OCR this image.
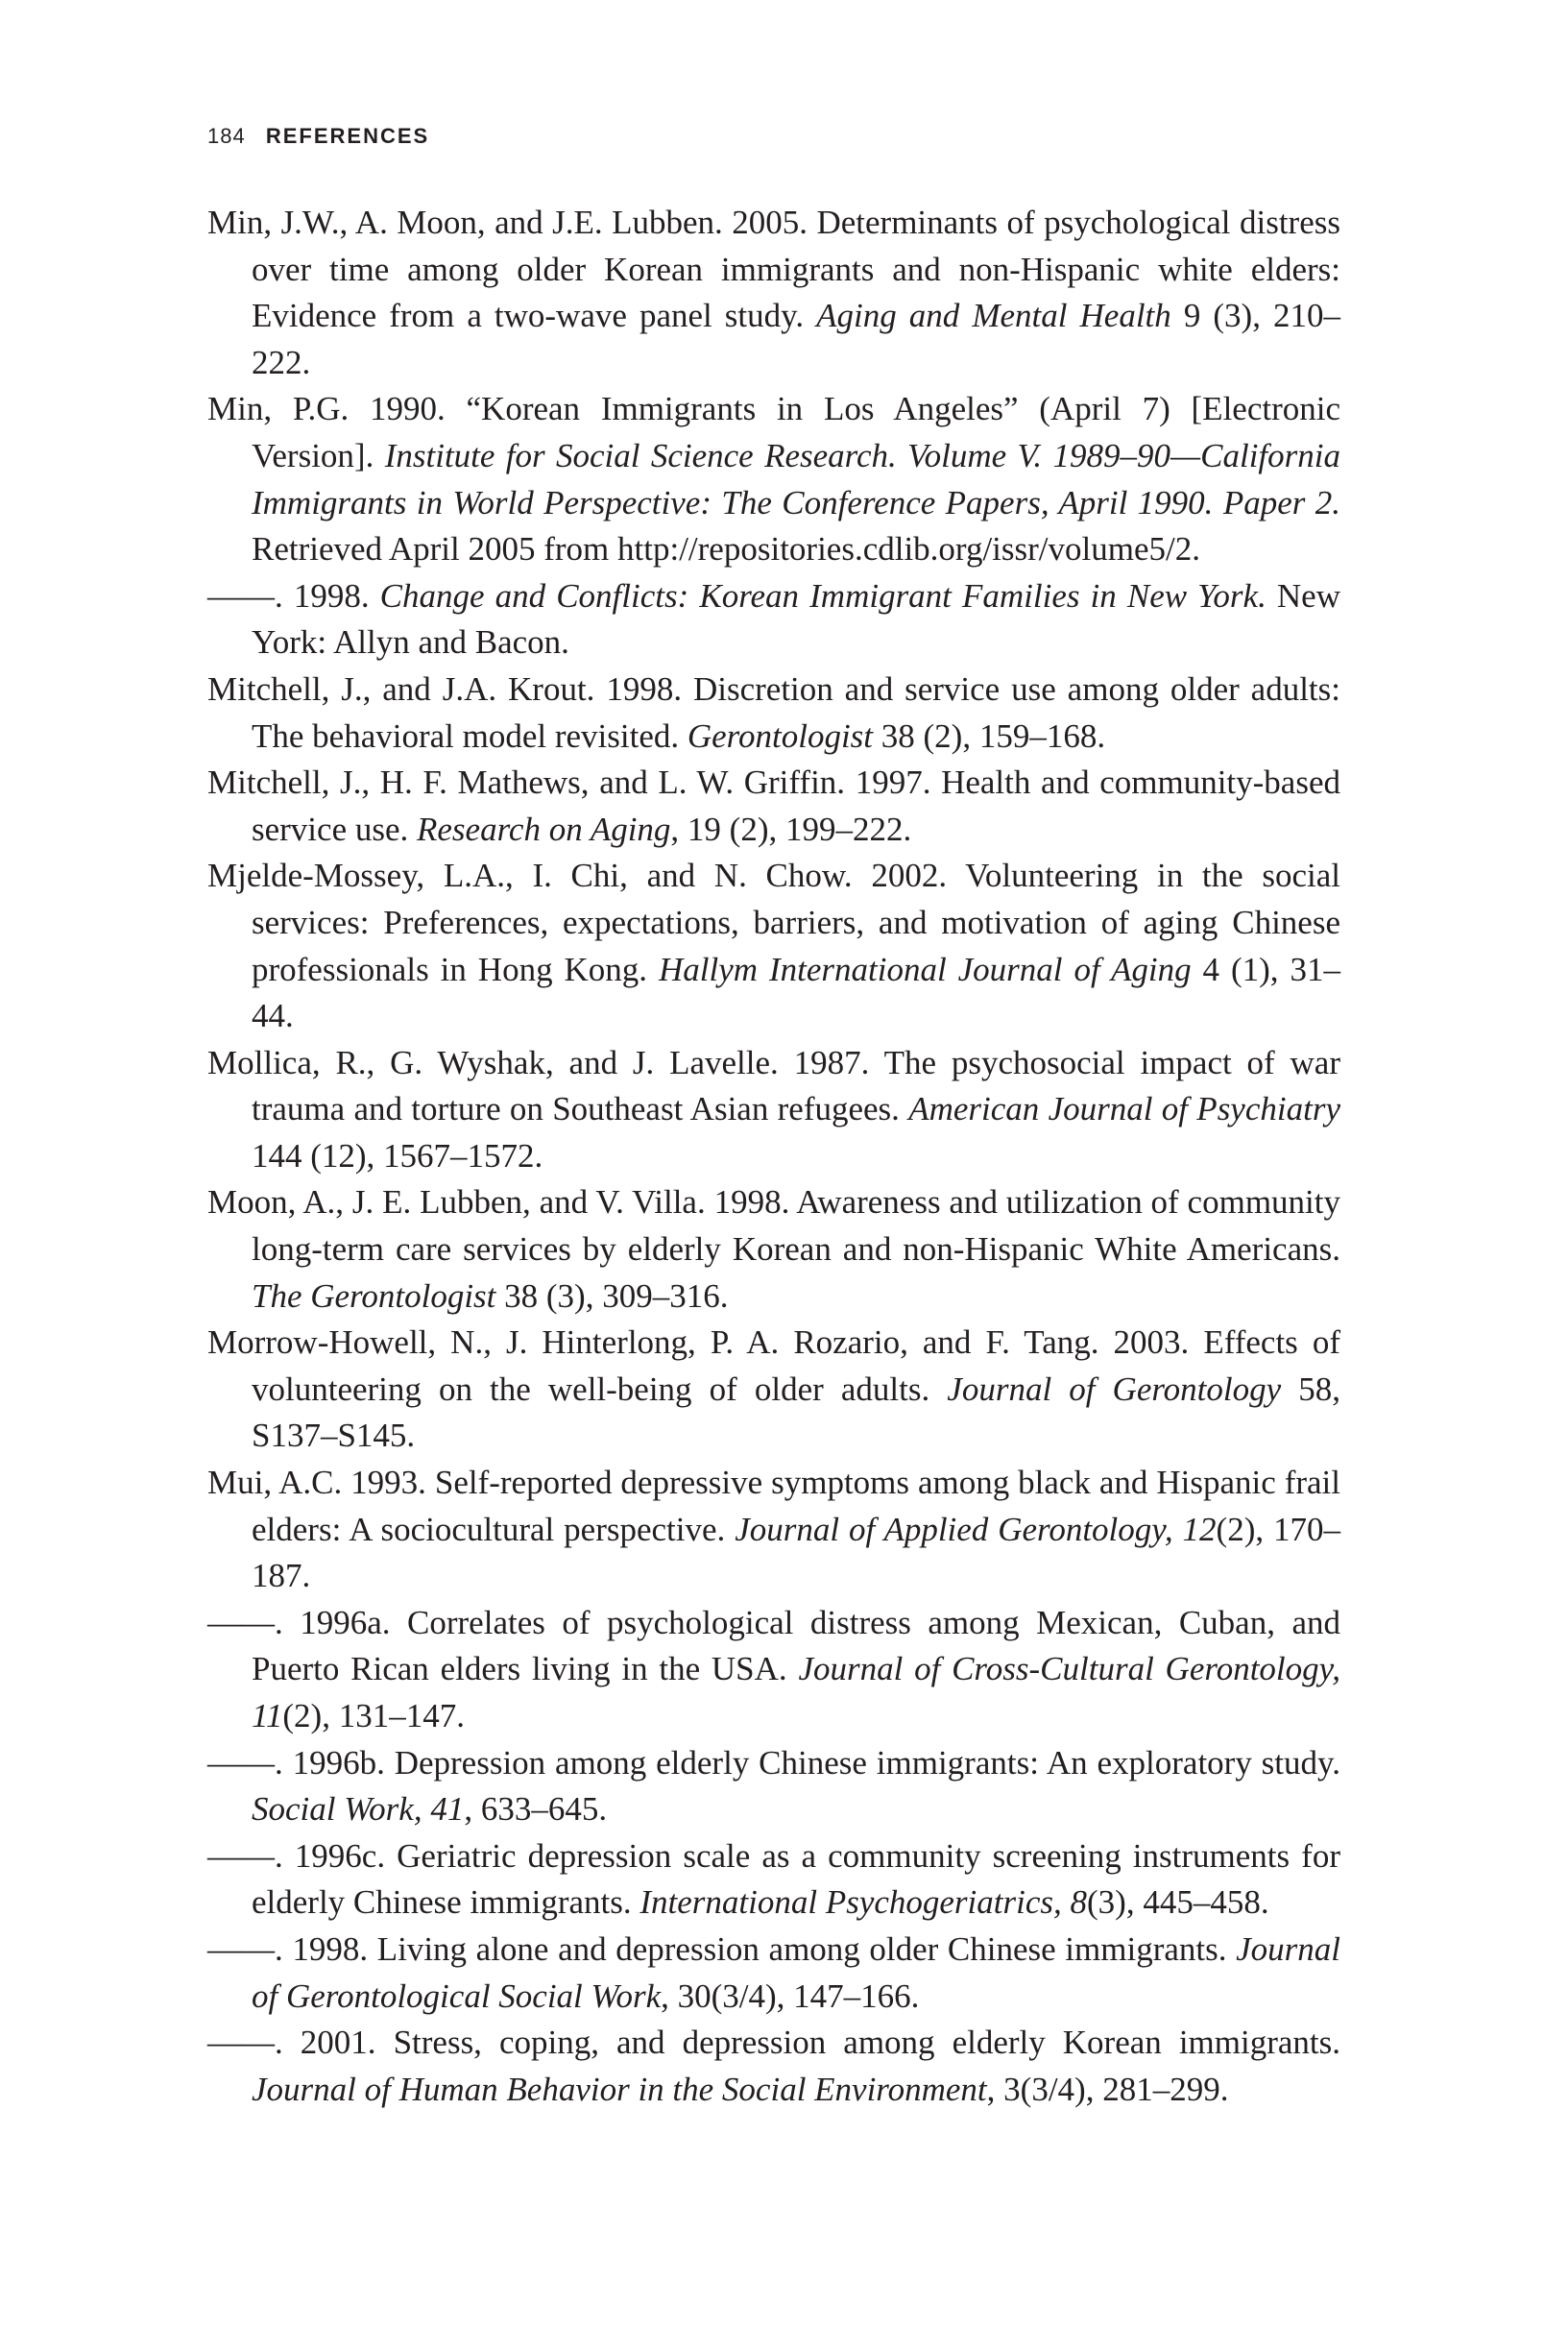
184 REFERENCES

Min, J.W., A. Moon, and J.E. Lubben. 2005. Determinants of psychological distress over time among older Korean immigrants and non-Hispanic white elders: Evidence from a two-wave panel study. Aging and Mental Health 9 (3), 210–222.

Min, P.G. 1990. “Korean Immigrants in Los Angeles” (April 7) [Electronic Version]. Institute for Social Science Research. Volume V. 1989–90—California Immigrants in World Perspective: The Conference Papers, April 1990. Paper 2. Retrieved April 2005 from http://repositories.cdlib.org/issr/volume5/2.

——. 1998. Change and Conflicts: Korean Immigrant Families in New York. New York: Allyn and Bacon.

Mitchell, J., and J.A. Krout. 1998. Discretion and service use among older adults: The behavioral model revisited. Gerontologist 38 (2), 159–168.

Mitchell, J., H. F. Mathews, and L. W. Griffin. 1997. Health and community-based service use. Research on Aging, 19 (2), 199–222.

Mjelde-Mossey, L.A., I. Chi, and N. Chow. 2002. Volunteering in the social services: Preferences, expectations, barriers, and motivation of aging Chinese professionals in Hong Kong. Hallym International Journal of Aging 4 (1), 31–44.

Mollica, R., G. Wyshak, and J. Lavelle. 1987. The psychosocial impact of war trauma and torture on Southeast Asian refugees. American Journal of Psychiatry 144 (12), 1567–1572.

Moon, A., J. E. Lubben, and V. Villa. 1998. Awareness and utilization of community long-term care services by elderly Korean and non-Hispanic White Americans. The Gerontologist 38 (3), 309–316.

Morrow-Howell, N., J. Hinterlong, P. A. Rozario, and F. Tang. 2003. Effects of volunteering on the well-being of older adults. Journal of Gerontology 58, S137–S145.

Mui, A.C. 1993. Self-reported depressive symptoms among black and Hispanic frail elders: A sociocultural perspective. Journal of Applied Gerontology, 12(2), 170–187.

——. 1996a. Correlates of psychological distress among Mexican, Cuban, and Puerto Rican elders living in the USA. Journal of Cross-Cultural Gerontology, 11(2), 131–147.

——. 1996b. Depression among elderly Chinese immigrants: An exploratory study. Social Work, 41, 633–645.

——. 1996c. Geriatric depression scale as a community screening instruments for elderly Chinese immigrants. International Psychogeriatrics, 8(3), 445–458.

——. 1998. Living alone and depression among older Chinese immigrants. Journal of Gerontological Social Work, 30(3/4), 147–166.

——. 2001. Stress, coping, and depression among elderly Korean immigrants. Journal of Human Behavior in the Social Environment, 3(3/4), 281–299.
